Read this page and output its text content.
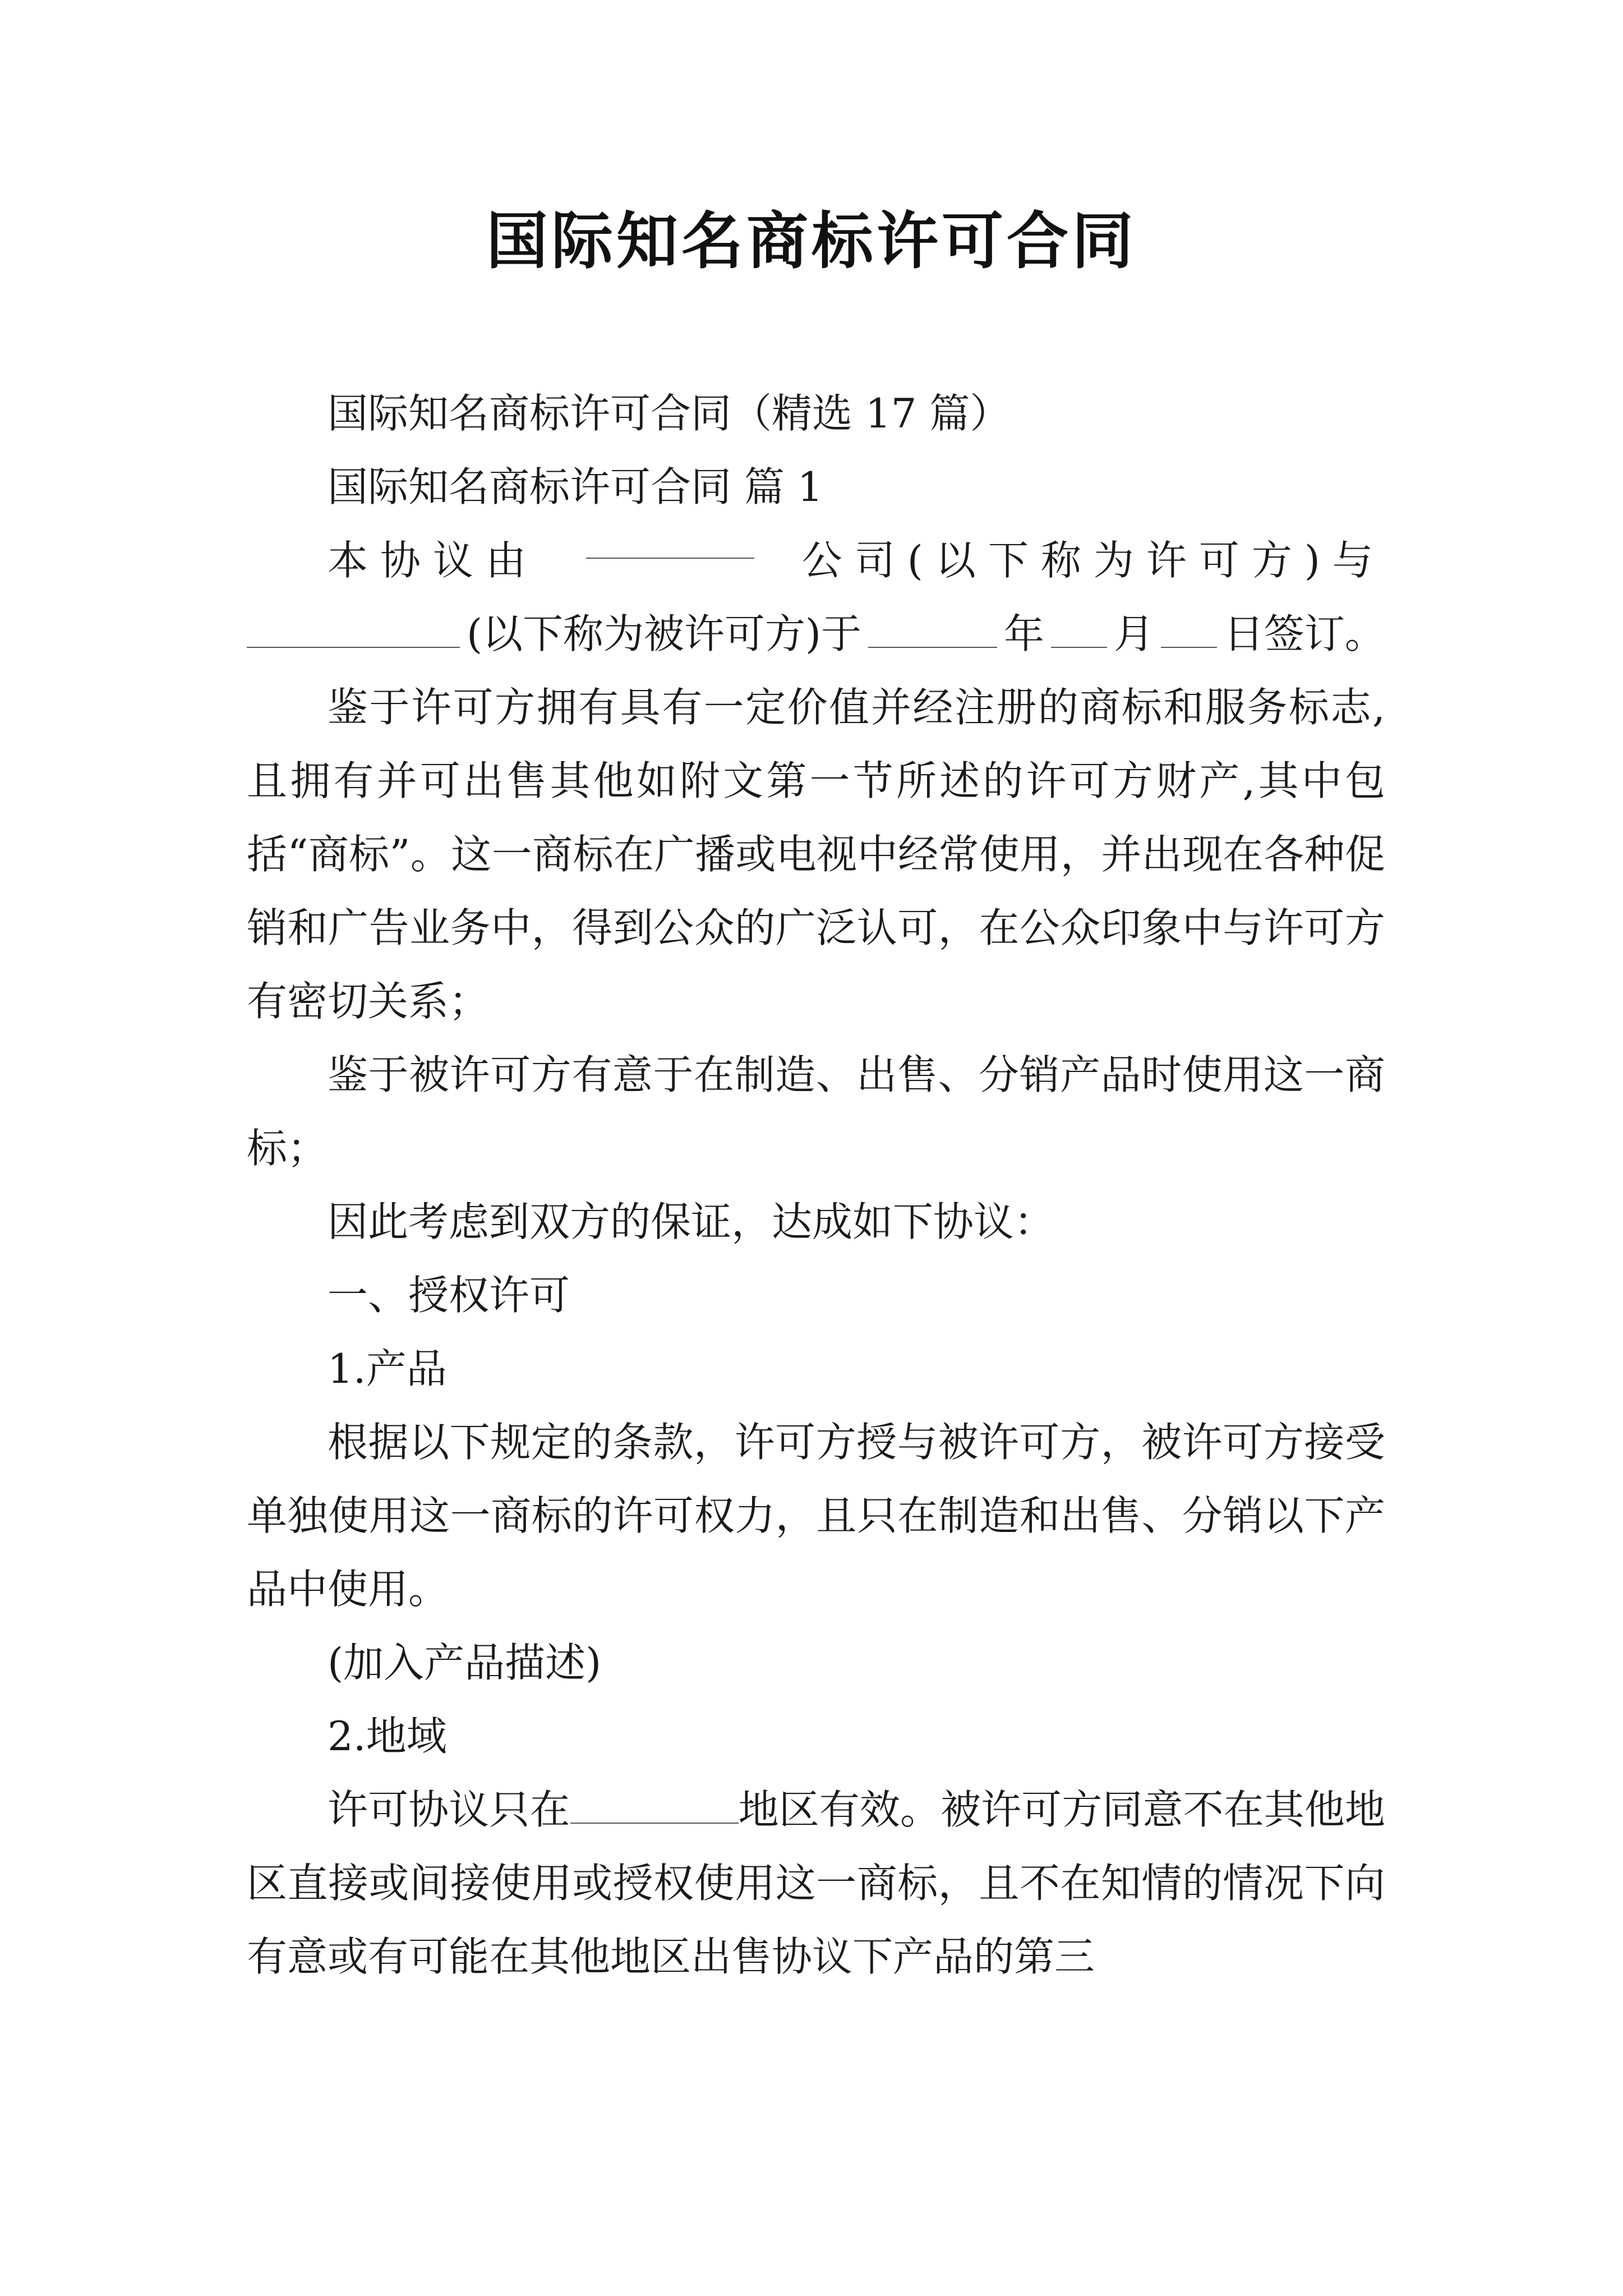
国际知名商标许可合同

国际知名商标许可合同（精选 17 篇）

国际知名商标许可合同 篇 1

本协议由	公司(以下称为许可方)与
(以下称为被许可方)于	年 月 日签订。

鉴于许可方拥有具有一定价值并经注册的商标和服务标志,且拥有并可出售其他如附文第一节所述的许可方财产,其中包括“商标”。这一商标在广播或电视中经常使用，并出现在各种促销和广告业务中，得到公众的广泛认可，在公众印象中与许可方有密切关系；

鉴于被许可方有意于在制造、出售、分销产品时使用这一商标；

因此考虑到双方的保证，达成如下协议：

一、授权许可

1.产品

根据以下规定的条款，许可方授与被许可方，被许可方接受单独使用这一商标的许可权力，且只在制造和出售、分销以下产品中使用。

(加入产品描述)

2.地域

许可协议只在	地区有效。被许可方同意不在其他地区直接或间接使用或授权使用这一商标，且不在知情的情况下向有意或有可能在其他地区出售协议下产品的第三
